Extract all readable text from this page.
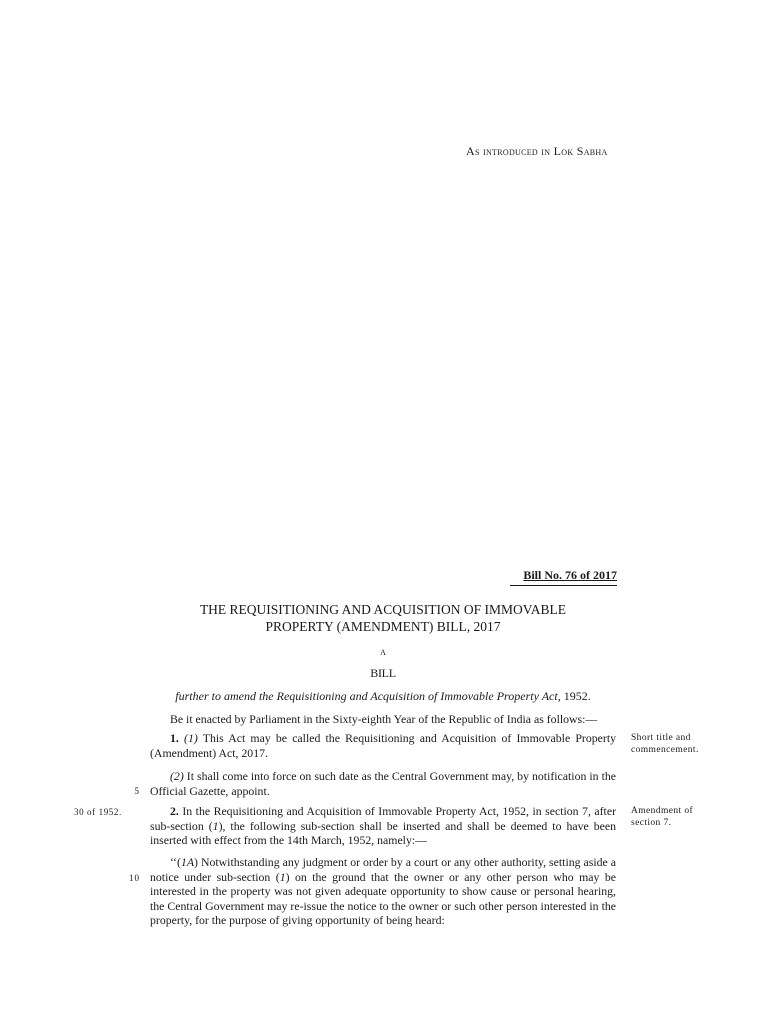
As introduced in Lok Sabha
Bill No. 76 of 2017
THE REQUISITIONING AND ACQUISITION OF IMMOVABLE
PROPERTY (AMENDMENT) BILL, 2017
A
BILL
further to amend the Requisitioning and Acquisition of Immovable Property Act, 1952.
Be it enacted by Parliament in the Sixty-eighth Year of the Republic of India as follows:—
1. (1) This Act may be called the Requisitioning and Acquisition of Immovable Property (Amendment) Act, 2017.
(2) It shall come into force on such date as the Central Government may, by notification in the Official Gazette, appoint.
2. In the Requisitioning and Acquisition of Immovable Property Act, 1952, in section 7, after sub-section (1), the following sub-section shall be inserted and shall be deemed to have been inserted with effect from the 14th March, 1952, namely:—
‘‘(1A) Notwithstanding any judgment or order by a court or any other authority, setting aside a notice under sub-section (1) on the ground that the owner or any other person who may be interested in the property was not given adequate opportunity to show cause or personal hearing, the Central Government may re-issue the notice to the owner or such other person interested in the property, for the purpose of giving opportunity of being heard:
Short title and commencement.
Amendment of section 7.
5
10
30 of 1952.
